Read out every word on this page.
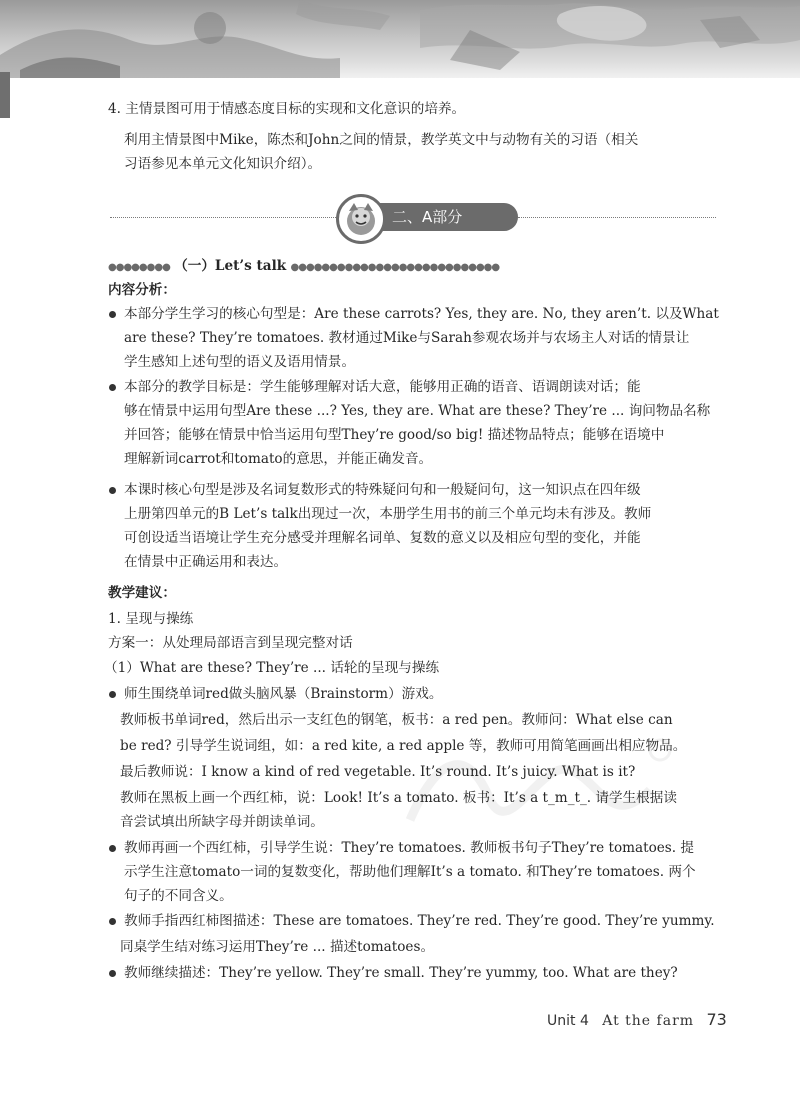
4. 主情景图可用于情感态度目标的实现和文化意识的培养。
利用主情景图中Mike，陈杰和John之间的情景，教学英文中与动物有关的习语（相关
习语参见本单元文化知识介绍）。
二、A部分
●●●●●●●● （一）Let’s talk ●●●●●●●●●●●●●●●●●●●●●●●●●●●
内容分析：
本部分学生学习的核心句型是：Are these carrots? Yes, they are. No, they aren’t. 以及What
are these? They’re tomatoes. 教材通过Mike与Sarah参观农场并与农场主人对话的情景让
学生感知上述句型的语义及语用情景。
本部分的教学目标是：学生能够理解对话大意，能够用正确的语音、语调朗读对话；能
够在情景中运用句型Are these ...? Yes, they are. What are these? They’re ... 询问物品名称
并回答；能够在情景中恰当运用句型They’re good/so big! 描述物品特点；能够在语境中
理解新词carrot和tomato的意思，并能正确发音。
本课时核心句型是涉及名词复数形式的特殊疑问句和一般疑问句，这一知识点在四年级
上册第四单元的B Let’s talk出现过一次，本册学生用书的前三个单元均未有涉及。教师
可创设适当语境让学生充分感受并理解名词单、复数的意义以及相应句型的变化，并能
在情景中正确运用和表达。
教学建议：
1. 呈现与操练
方案一：从处理局部语言到呈现完整对话
（1）What are these? They’re ... 话轮的呈现与操练
师生围绕单词red做头脑风暴（Brainstorm）游戏。
教师板书单词red，然后出示一支红色的钢笔，板书：a red pen。教师问：What else can
be red? 引导学生说词组，如：a red kite, a red apple 等，教师可用简笔画画出相应物品。
最后教师说：I know a kind of red vegetable. It’s round. It’s juicy. What is it?
教师在黑板上画一个西红柿，说：Look! It’s a tomato. 板书：It’s a t_m_t_. 请学生根据读
音尝试填出所缺字母并朗读单词。
教师再画一个西红柿，引导学生说：They’re tomatoes. 教师板书句子They’re tomatoes. 提
示学生注意tomato一词的复数变化，帮助他们理解It’s a tomato. 和They’re tomatoes. 两个
句子的不同含义。
教师手指西红柿图描述：These are tomatoes. They’re red. They’re good. They’re yummy.
同桌学生结对练习运用They’re ... 描述tomatoes。
教师继续描述：They’re yellow. They’re small. They’re yummy, too. What are they?
Unit 4 At the farm 73
